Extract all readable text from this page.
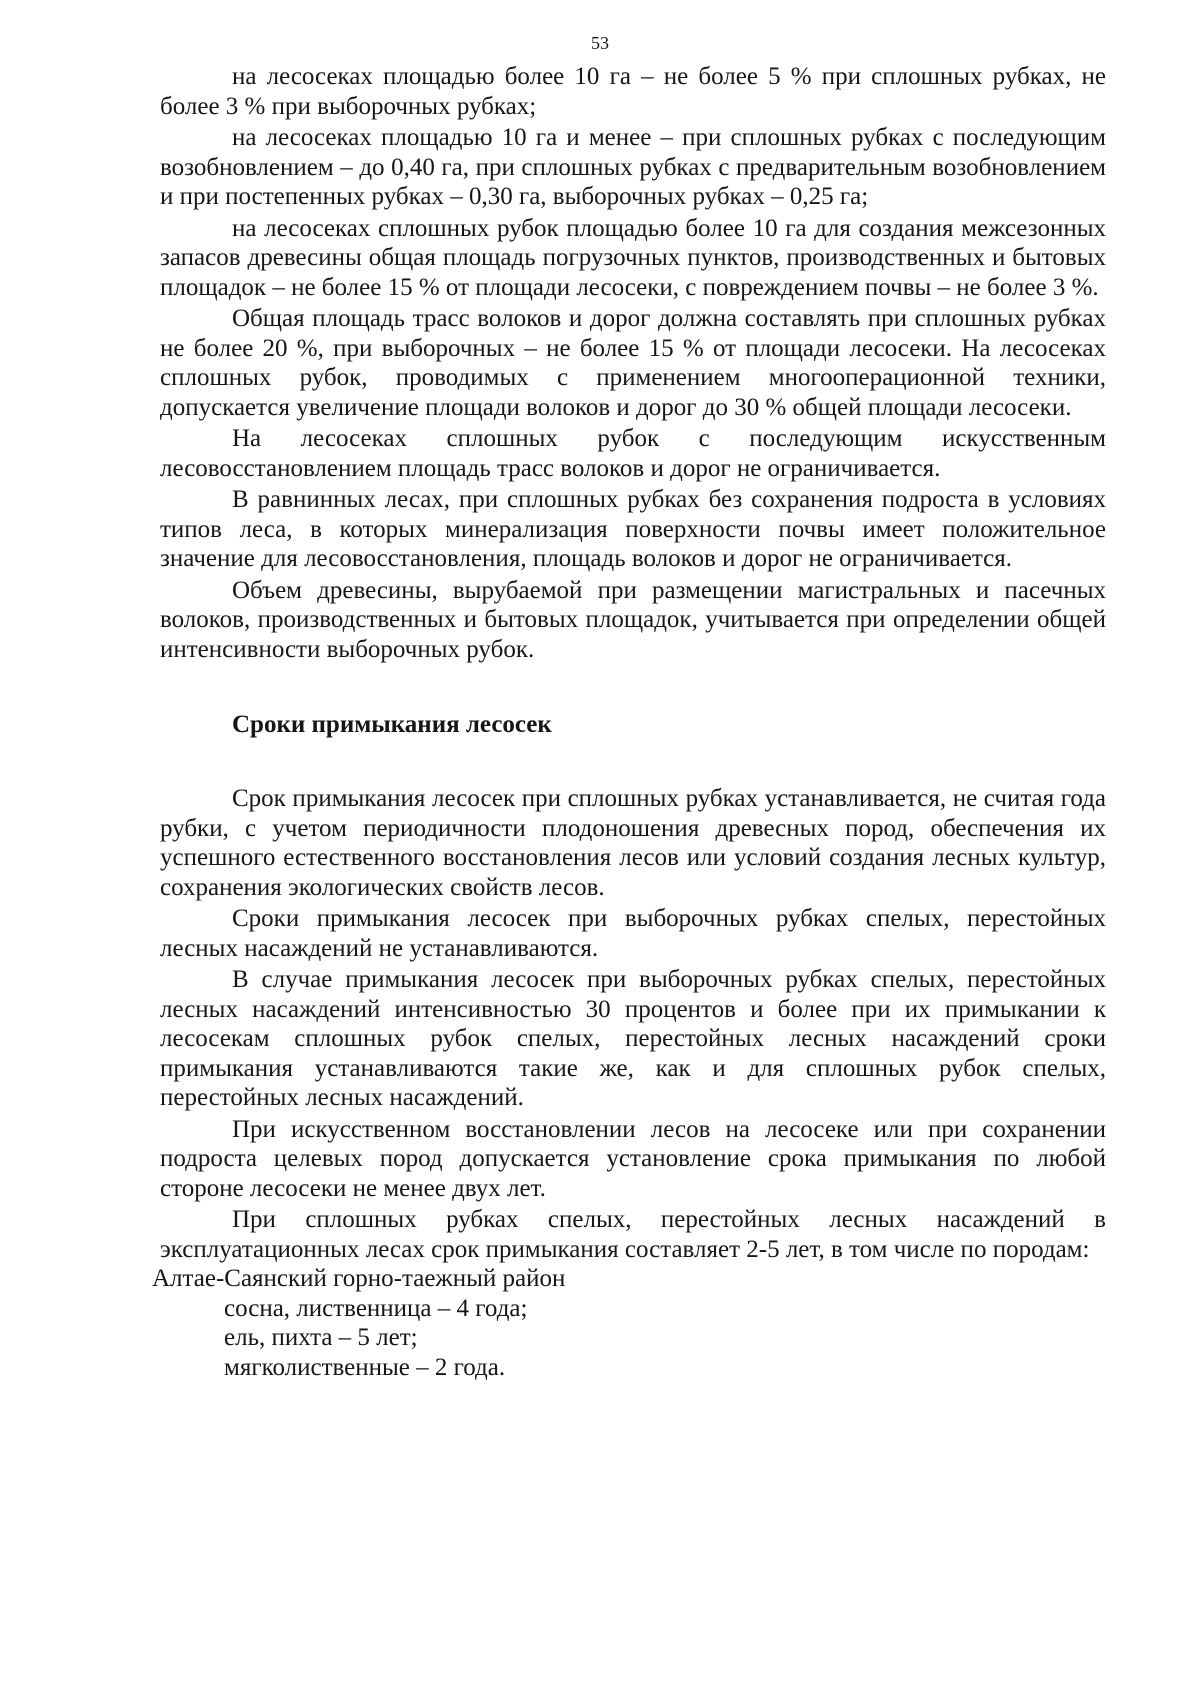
53

на лесосеках площадью более 10 га – не более 5 % при сплошных рубках, не более 3 % при выборочных рубках;

на лесосеках площадью 10 га и менее – при сплошных рубках с последующим возобновлением – до 0,40 га, при сплошных рубках с предварительным возобновлением и при постепенных рубках – 0,30 га, выборочных рубках – 0,25 га;

на лесосеках сплошных рубок площадью более 10 га для создания межсезонных запасов древесины общая площадь погрузочных пунктов, производственных и бытовых площадок – не более 15 % от площади лесосеки, с повреждением почвы – не более 3 %.

Общая площадь трасс волоков и дорог должна составлять при сплошных рубках не более 20 %, при выборочных – не более 15 % от площади лесосеки. На лесосеках сплошных рубок, проводимых с применением многооперационной техники, допускается увеличение площади волоков и дорог до 30 % общей площади лесосеки.

На лесосеках сплошных рубок с последующим искусственным лесовосстановлением площадь трасс волоков и дорог не ограничивается.

В равнинных лесах, при сплошных рубках без сохранения подроста в условиях типов леса, в которых минерализация поверхности почвы имеет положительное значение для лесовосстановления, площадь волоков и дорог не ограничивается.

Объем древесины, вырубаемой при размещении магистральных и пасечных волоков, производственных и бытовых площадок, учитывается при определении общей интенсивности выборочных рубок.

Сроки примыкания лесосек

Срок примыкания лесосек при сплошных рубках устанавливается, не считая года рубки, с учетом периодичности плодоношения древесных пород, обеспечения их успешного естественного восстановления лесов или условий создания лесных культур, сохранения экологических свойств лесов.

Сроки примыкания лесосек при выборочных рубках спелых, перестойных лесных насаждений не устанавливаются.

В случае примыкания лесосек при выборочных рубках спелых, перестойных лесных насаждений интенсивностью 30 процентов и более при их примыкании к лесосекам сплошных рубок спелых, перестойных лесных насаждений сроки примыкания устанавливаются такие же, как и для сплошных рубок спелых, перестойных лесных насаждений.

При искусственном восстановлении лесов на лесосеке или при сохранении подроста целевых пород допускается установление срока примыкания по любой стороне лесосеки не менее двух лет.

При сплошных рубках спелых, перестойных лесных насаждений в эксплуатационных лесах срок примыкания составляет 2-5 лет, в том числе по породам:

Алтае-Саянский горно-таежный район

сосна, лиственница – 4 года;

ель, пихта – 5 лет;

мягколиственные – 2 года.
